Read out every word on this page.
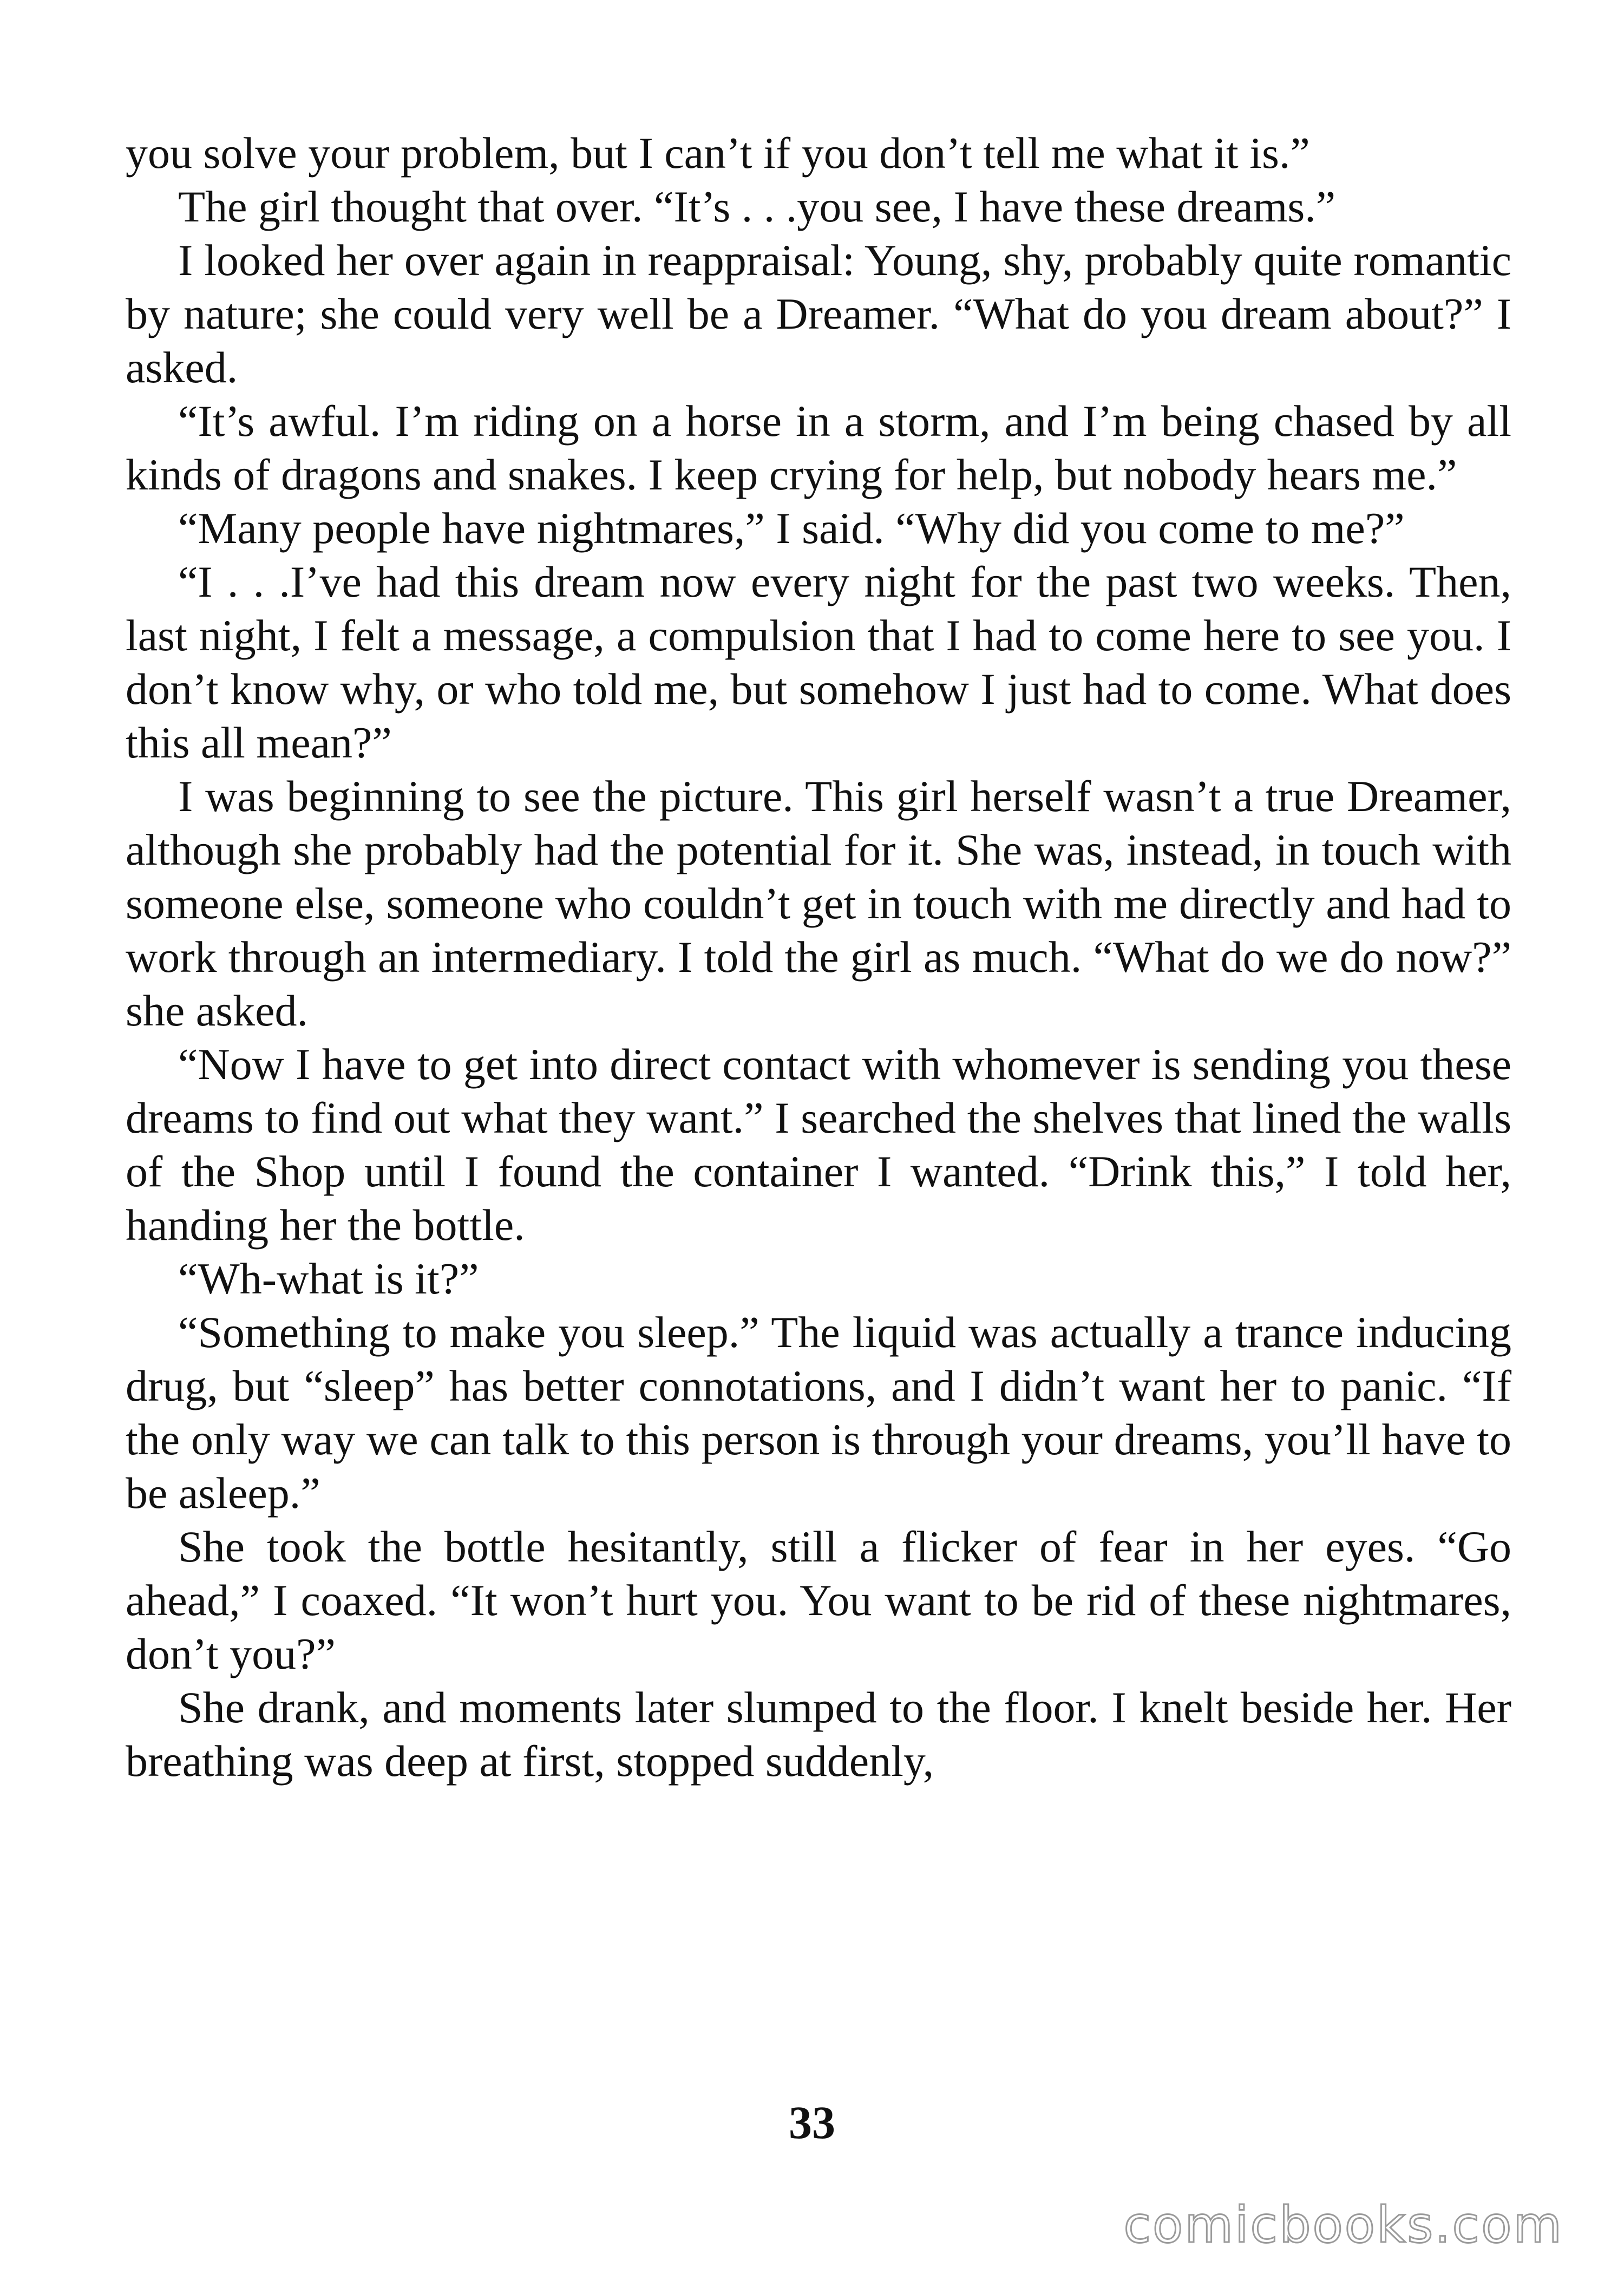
you solve your problem, but I can’t if you don’t tell me what it is.”

The girl thought that over. “It’s . . .you see, I have these dreams.”

I looked her over again in reappraisal: Young, shy, probably quite romantic by nature; she could very well be a Dreamer. “What do you dream about?” I asked.

“It’s awful. I’m riding on a horse in a storm, and I’m being chased by all kinds of dragons and snakes. I keep crying for help, but nobody hears me.”

“Many people have nightmares,” I said. “Why did you come to me?”

“I . . .I’ve had this dream now every night for the past two weeks. Then, last night, I felt a message, a compulsion that I had to come here to see you. I don’t know why, or who told me, but somehow I just had to come. What does this all mean?”

I was beginning to see the picture. This girl herself wasn’t a true Dreamer, although she probably had the potential for it. She was, instead, in touch with someone else, someone who couldn’t get in touch with me directly and had to work through an intermediary. I told the girl as much. “What do we do now?” she asked.

“Now I have to get into direct contact with whomever is sending you these dreams to find out what they want.” I searched the shelves that lined the walls of the Shop until I found the container I wanted. “Drink this,” I told her, handing her the bottle.

“Wh-what is it?”

“Something to make you sleep.” The liquid was actually a trance inducing drug, but “sleep” has better connotations, and I didn’t want her to panic. “If the only way we can talk to this person is through your dreams, you’ll have to be asleep.”

She took the bottle hesitantly, still a flicker of fear in her eyes. “Go ahead,” I coaxed. “It won’t hurt you. You want to be rid of these nightmares, don’t you?”

She drank, and moments later slumped to the floor. I knelt beside her. Her breathing was deep at first, stopped suddenly,

33
comicbooks.com
